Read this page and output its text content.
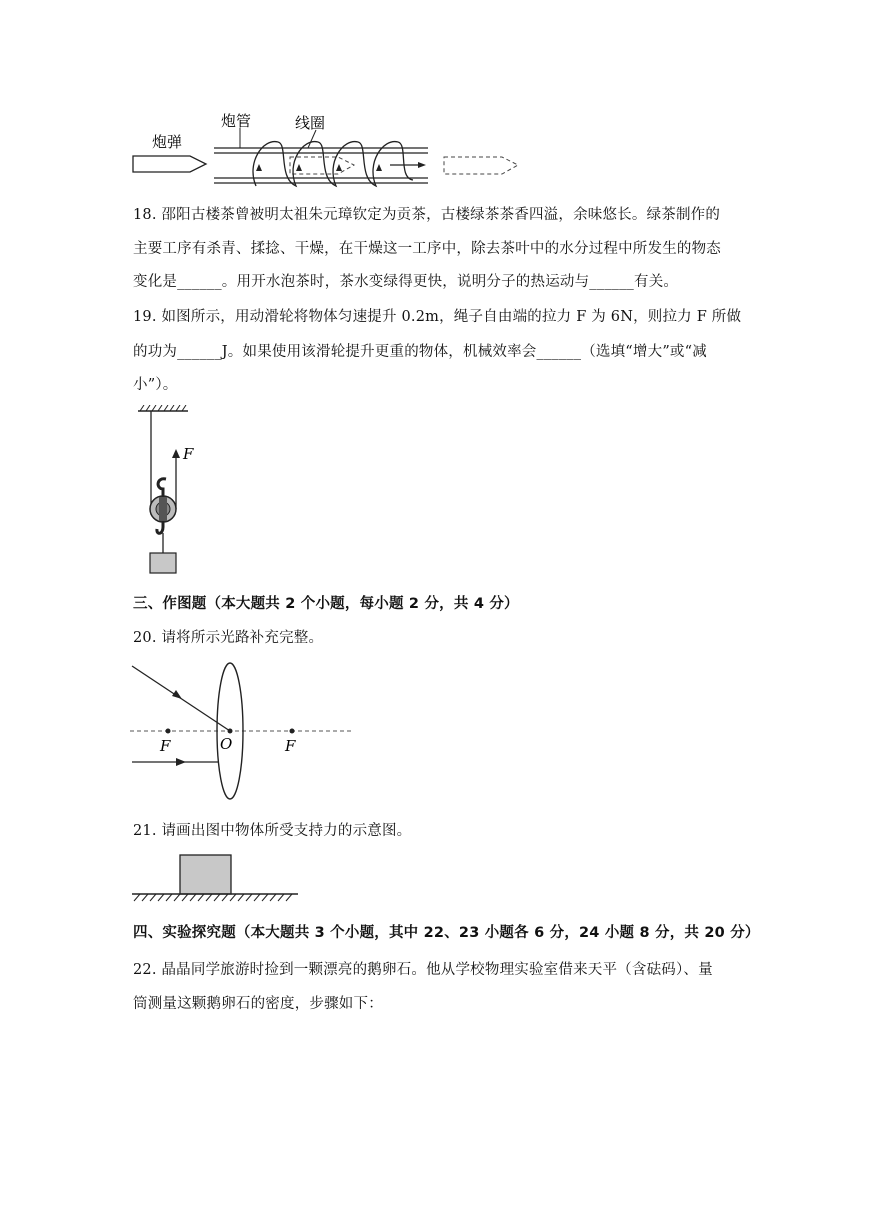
炮弹
炮管	线圈
18. 邵阳古楼茶曾被明太祖朱元璋钦定为贡茶，古楼绿茶茶香四溢，余味悠长。绿茶制作的
主要工序有杀青、揉捻、干燥，在干燥这一工序中，除去茶叶中的水分过程中所发生的物态
变化是______。用开水泡茶时，茶水变绿得更快，说明分子的热运动与______有关。
19. 如图所示，用动滑轮将物体匀速提升 0.2m，绳子自由端的拉力 F 为 6N，则拉力 F 所做
的功为______J。如果使用该滑轮提升更重的物体，机械效率会______（选填“增大”或“减
小”）。
F
三、作图题（本大题共 2 个小题，每小题 2 分，共 4 分）
20. 请将所示光路补充完整。
F	O	F
21. 请画出图中物体所受支持力的示意图。
四、实验探究题（本大题共 3 个小题，其中 22、23 小题各 6 分，24 小题 8 分，共 20 分）
22. 晶晶同学旅游时捡到一颗漂亮的鹅卵石。他从学校物理实验室借来天平（含砝码）、量
筒测量这颗鹅卵石的密度，步骤如下：
